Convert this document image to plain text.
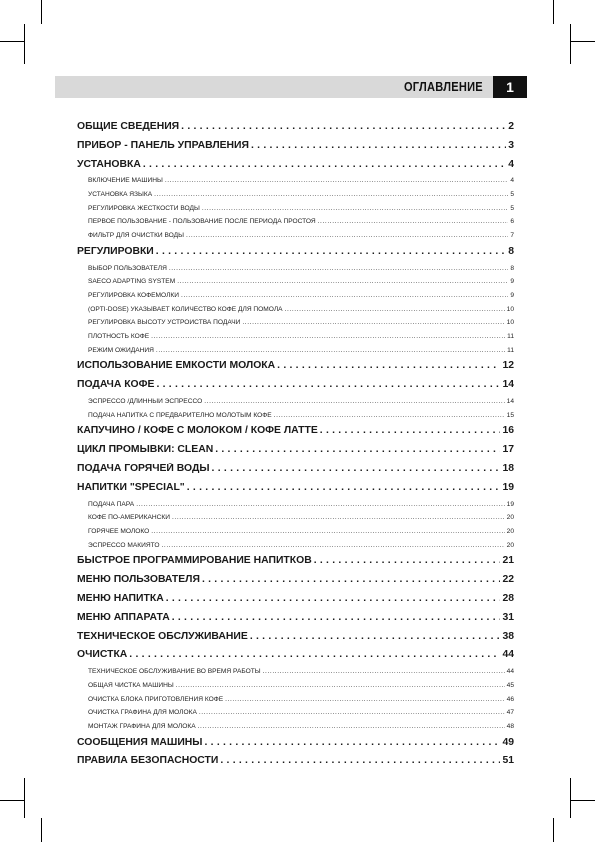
ОГЛАВЛЕНИЕ	1
ОБЩИЕ СВЕДЕНИЯ . . .	2
ПРИБОР - ПАНЕЛЬ УПРАВЛЕНИЯ . . .	3
УСТАНОВКА . . .	4
ВКЛЮЧЕНИЕ МАШИНЫ .....	4
УСТАНОВКА ЯЗЫКА .....	5
РЕГУЛИРОВКА ЖЕСТКОСТИ ВОДЫ .....	5
ПЕРВОЕ ПОЛЬЗОВАНИЕ - ПОЛЬЗОВАНИЕ ПОСЛЕ ПЕРИОДА ПРОСТОЯ .....	6
ФИЛЬТР ДЛЯ ОЧИСТКИ ВОДЫ .....	7
РЕГУЛИРОВКИ . . .	8
ВЫБОР ПОЛЬЗОВАТЕЛЯ .....	8
SAECO ADAPTING SYSTEM .....	9
РЕГУЛИРОВКА КОФЕМОЛКИ .....	9
(OPTI-DOSE) УКАЗЫВАЕТ КОЛИЧЕСТВО КОФЕ ДЛЯ ПОМОЛА .....	10
РЕГУЛИРОВКА ВЫСОТУ УСТРОЙСТВА ПОДАЧИ .....	10
ПЛОТНОСТЬ КОФЕ .....	11
РЕЖИМ ОЖИДАНИЯ .....	11
ИСПОЛЬЗОВАНИЕ ЕМКОСТИ МОЛОКА . . .	12
ПОДАЧА КОФЕ . . .	14
ЭСПРЕССО /ДЛИННЫЙ ЭСПРЕССО .....	14
ПОДАЧА НАПИТКА С ПРЕДВАРИТЕЛНО МОЛОТЫМ КОФЕ .....	15
КАПУЧИНО / КОФЕ С МОЛОКОМ / КОФЕ ЛАТТЕ . . .	16
ЦИКЛ ПРОМЫВКИ: CLEAN . . .	17
ПОДАЧА ГОРЯЧЕЙ ВОДЫ . . .	18
НАПИТКИ "SPECIAL" . . .	19
ПОДАЧА ПАРА .....	19
КОФЕ ПО-АМЕРИКАНСКИ .....	20
ГОРЯЧЕЕ МОЛОКО .....	20
ЭСПРЕССО МАКИЯТО .....	20
БЫСТРОЕ ПРОГРАММИРОВАНИЕ НАПИТКОВ . . .	21
МЕНЮ ПОЛЬЗОВАТЕЛЯ . . .	22
МЕНЮ НАПИТКА . . .	28
МЕНЮ АППАРАТА . . .	31
ТЕХНИЧЕСКОЕ ОБСЛУЖИВАНИЕ . . .	38
ОЧИСТКА . . .	44
ТЕХНИЧЕСКОЕ ОБСЛУЖИВАНИЕ ВО ВРЕМЯ РАБОТЫ .....	44
ОБЩАЯ ЧИСТКА МАШИНЫ .....	45
ОЧИСТКА БЛОКА ПРИГОТОВЛЕНИЯ КОФЕ .....	46
ОЧИСТКА ГРАФИНА ДЛЯ МОЛОКА .....	47
МОНТАЖ ГРАФИНА ДЛЯ МОЛОКА .....	48
СООБЩЕНИЯ МАШИНЫ . . .	49
ПРАВИЛА БЕЗОПАСНОСТИ . . .	51
